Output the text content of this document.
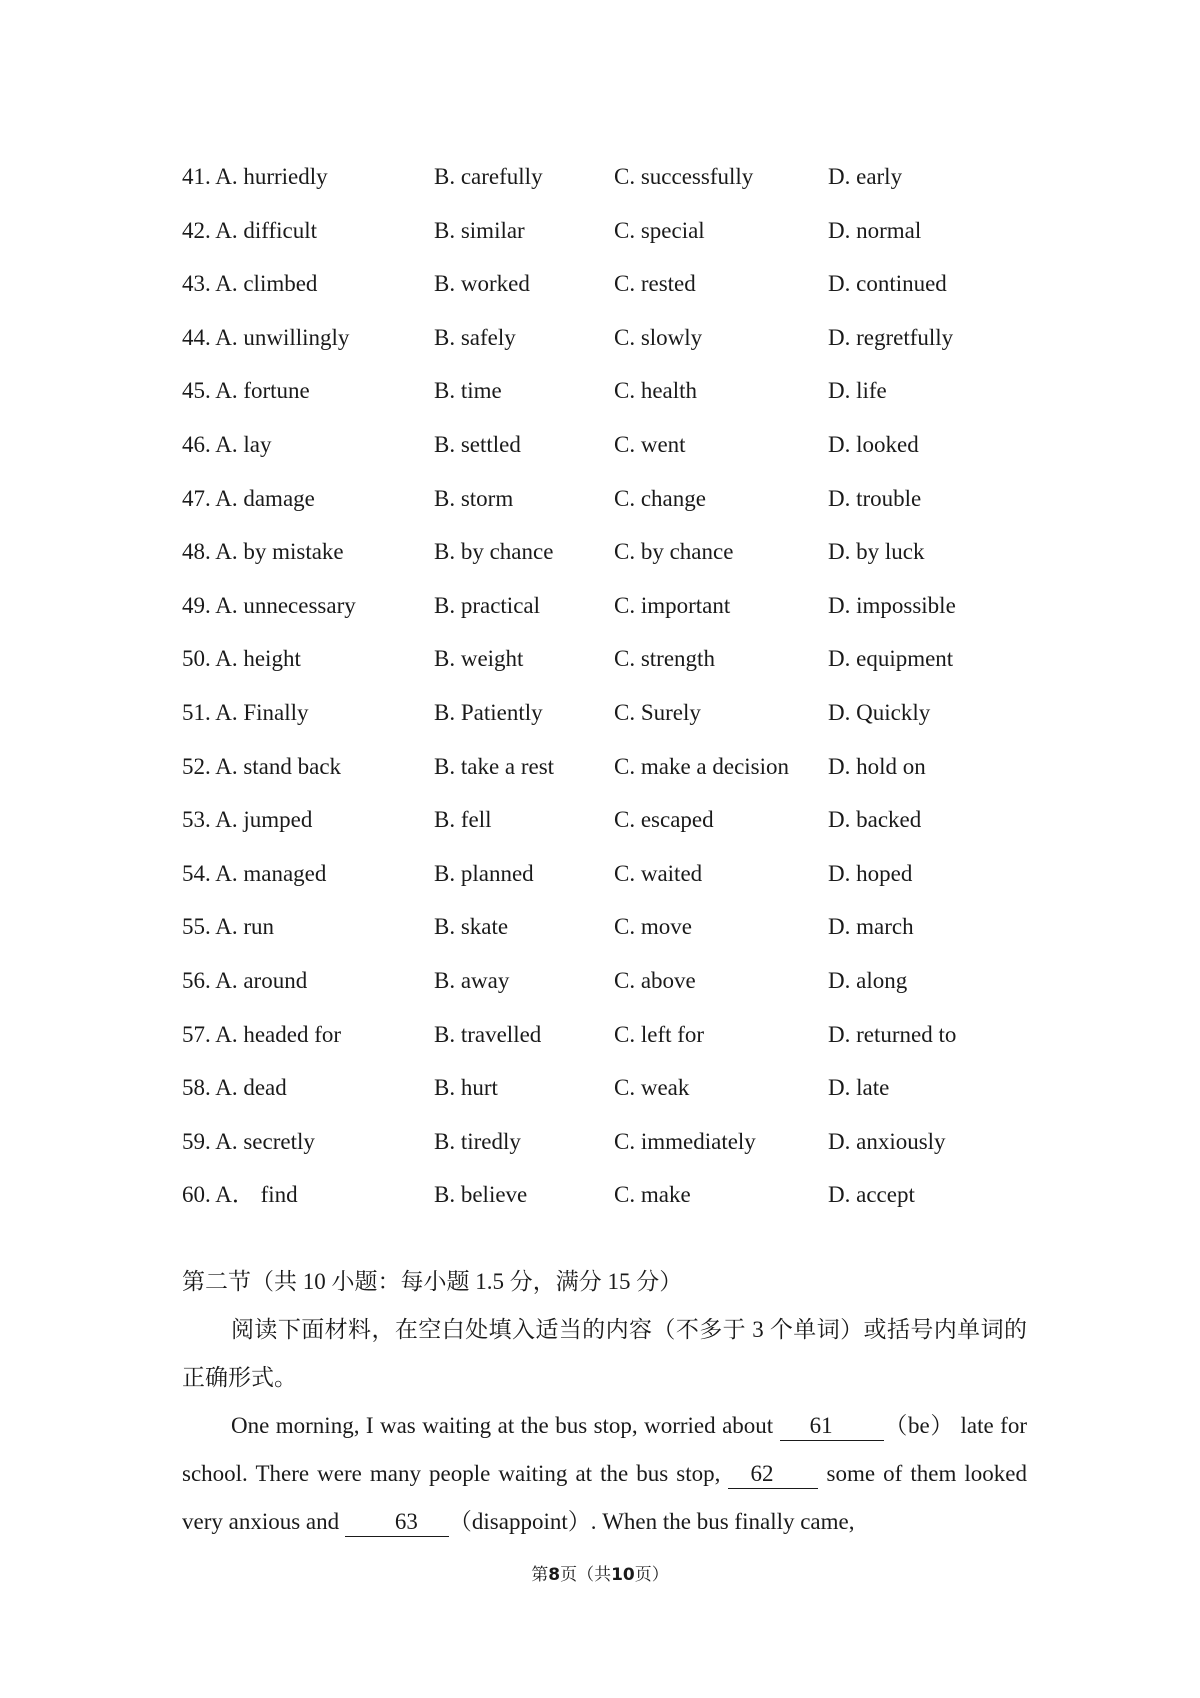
41. A. hurriedly	B. carefully	C. successfully	D. early
42. A. difficult	B. similar	C. special	D. normal
43. A. climbed	B. worked	C. rested	D. continued
44. A. unwillingly	B. safely	C. slowly	D. regretfully
45. A. fortune	B. time	C. health	D. life
46. A. lay	B. settled	C. went	D. looked
47. A. damage	B. storm	C. change	D. trouble
48. A. by mistake	B. by chance	C. by chance	D. by luck
49. A. unnecessary	B. practical	C. important	D. impossible
50. A. height	B. weight	C. strength	D. equipment
51. A. Finally	B. Patiently	C. Surely	D. Quickly
52. A. stand back	B. take a rest	C. make a decision D. hold on
53. A. jumped	B. fell	C. escaped	D. backed
54. A. managed	B. planned	C. waited	D. hoped
55. A. run	B. skate	C. move	D. march
56. A. around	B. away	C. above	D. along
57. A. headed for	B. travelled	C. left for	D. returned to
58. A. dead	B. hurt	C. weak	D. late
59. A. secretly	B. tiredly	C. immediately	D. anxiously
60. A． find	B. believe	C. make	D. accept
第二节（共 10 小题：每小题 1.5 分，满分 15 分）

阅读下面材料，在空白处填入适当的内容（不多于 3 个单词）或括号内单词的正确形式。

One morning, I was waiting at the bus stop, worried about 61 （be） late for school. There were many people waiting at the bus stop, 62 some of them looked very anxious and 63 （disappoint）. When the bus finally came,

第8页（共10页）
